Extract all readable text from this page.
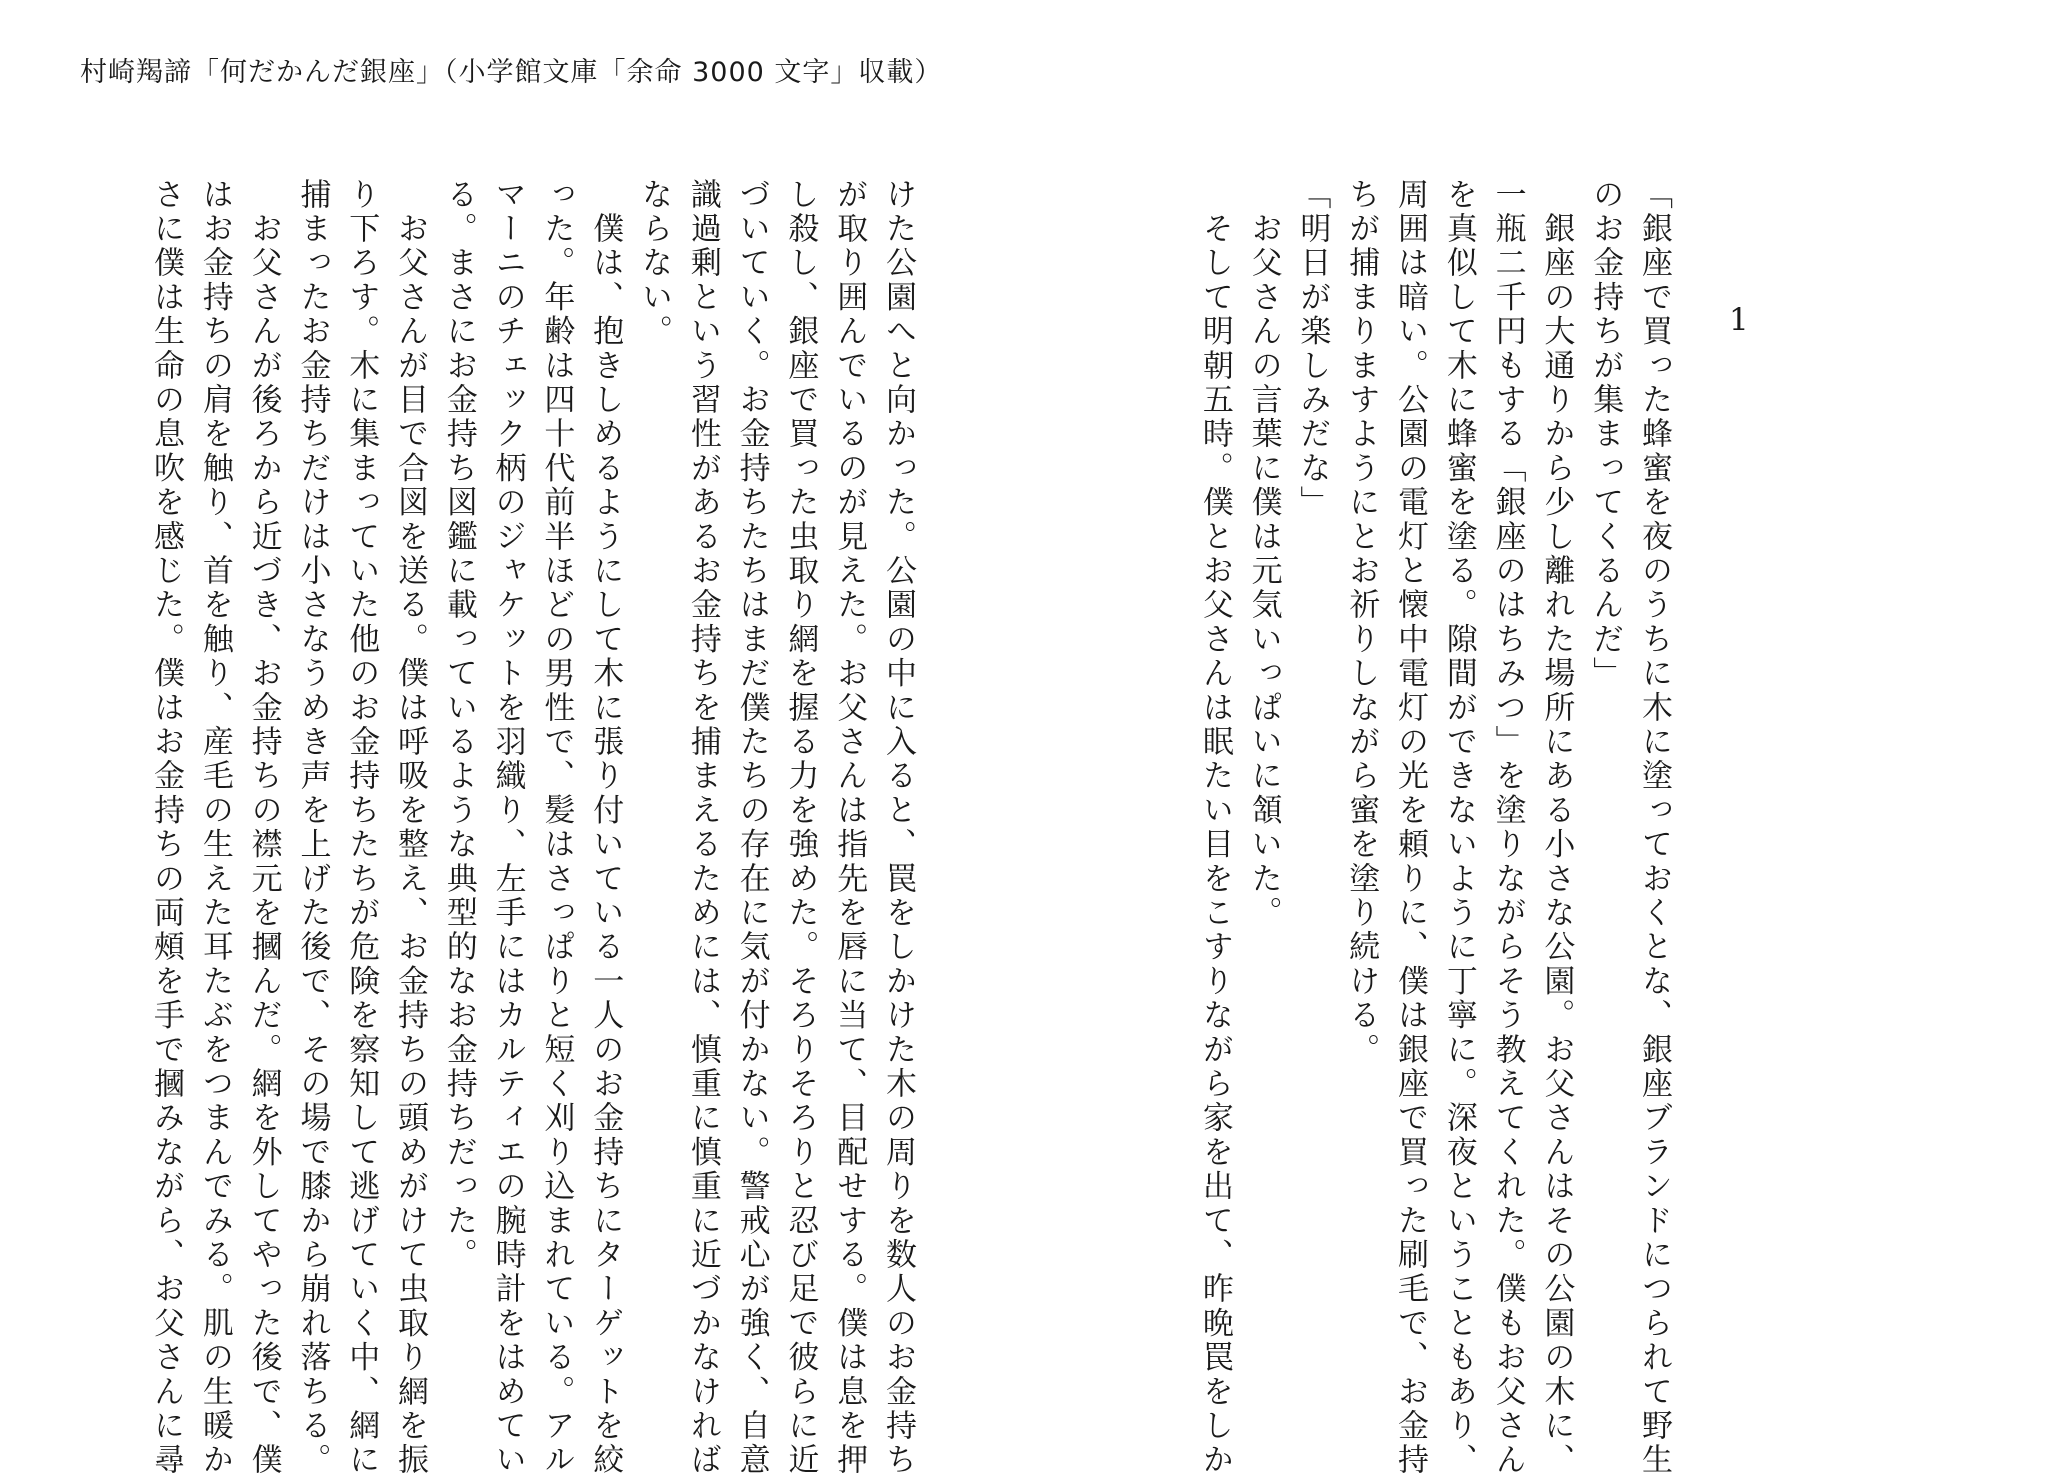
村崎羯諦「何だかんだ銀座」（小学館文庫「余命 3000 文字」収載）
1

「銀座で買った蜂蜜を夜のうちに木に塗っておくとな、銀座ブランドにつられて野生

のお金持ちが集まってくるんだ」

　銀座の大通りから少し離れた場所にある小さな公園。お父さんはその公園の木に、

一瓶二千円もする「銀座のはちみつ」を塗りながらそう教えてくれた。僕もお父さん

を真似して木に蜂蜜を塗る。隙間ができないように丁寧に。深夜ということもあり、

周囲は暗い。公園の電灯と懐中電灯の光を頼りに、僕は銀座で買った刷毛で、お金持

ちが捕まりますようにとお祈りしながら蜜を塗り続ける。

「明日が楽しみだな」

　お父さんの言葉に僕は元気いっぱいに頷いた。

　そして明朝五時。僕とお父さんは眠たい目をこすりながら家を出て、昨晩罠をしか

けた公園へと向かった。公園の中に入ると、罠をしかけた木の周りを数人のお金持ち

が取り囲んでいるのが見えた。お父さんは指先を唇に当て、目配せする。僕は息を押

し殺し、銀座で買った虫取り網を握る力を強めた。そろりそろりと忍び足で彼らに近

づいていく。お金持ちたちはまだ僕たちの存在に気が付かない。警戒心が強く、自意

識過剰という習性があるお金持ちを捕まえるためには、慎重に慎重に近づかなければ

ならない。

　僕は、抱きしめるようにして木に張り付いている一人のお金持ちにターゲットを絞

った。年齢は四十代前半ほどの男性で、髪はさっぱりと短く刈り込まれている。アル

マーニのチェック柄のジャケットを羽織り、左手にはカルティエの腕時計をはめてい

る。まさにお金持ち図鑑に載っているような典型的なお金持ちだった。

　お父さんが目で合図を送る。僕は呼吸を整え、お金持ちの頭めがけて虫取り網を振

り下ろす。木に集まっていた他のお金持ちたちが危険を察知して逃げていく中、網に

捕まったお金持ちだけは小さなうめき声を上げた後で、その場で膝から崩れ落ちる。

　お父さんが後ろから近づき、お金持ちの襟元を摑んだ。網を外してやった後で、僕

はお金持ちの肩を触り、首を触り、産毛の生えた耳たぶをつまんでみる。肌の生暖か

さに僕は生命の息吹を感じた。僕はお金持ちの両頰を手で摑みながら、お父さんに尋
